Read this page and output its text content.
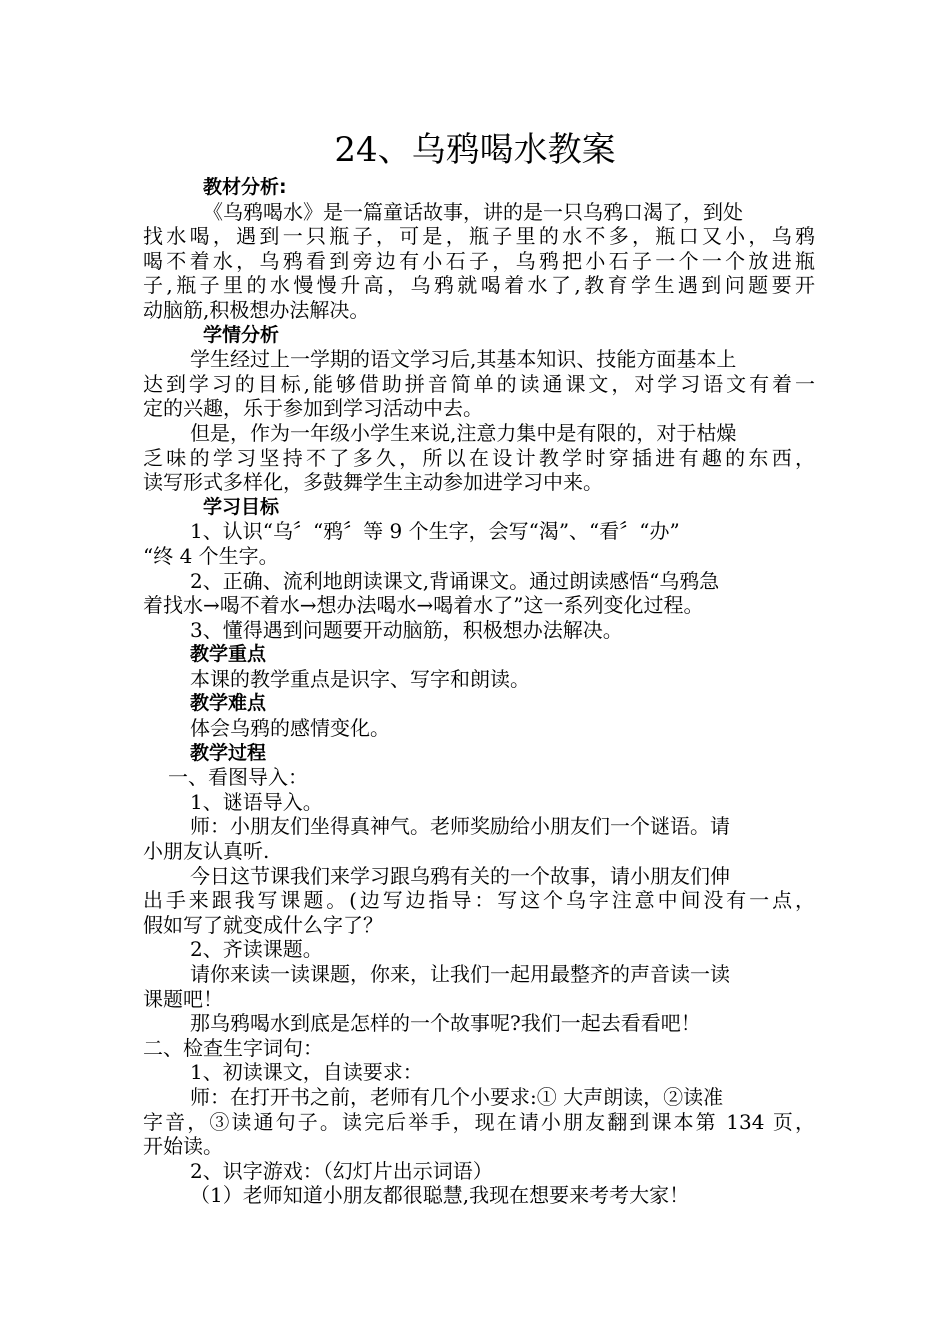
24、乌鸦喝水教案
教材分析:
《乌鸦喝水》是一篇童话故事，讲的是一只乌鸦口渴了，到处
找水喝，遇到一只瓶子，可是，瓶子里的水不多，瓶口又小，乌鸦
喝不着水，乌鸦看到旁边有小石子，乌鸦把小石子一个一个放进瓶
子,瓶子里的水慢慢升高，乌鸦就喝着水了,教育学生遇到问题要开
动脑筋,积极想办法解决。
学情分析
学生经过上一学期的语文学习后,其基本知识、技能方面基本上
达到学习的目标,能够借助拼音简单的读通课文，对学习语文有着一
定的兴趣，乐于参加到学习活动中去。
但是，作为一年级小学生来说,注意力集中是有限的，对于枯燥
乏味的学习坚持不了多久，所以在设计教学时穿插进有趣的东西，
读写形式多样化，多鼓舞学生主动参加进学习中来。
学习目标
1、认识“乌〞“鸦〞等 9 个生字，会写“渴”、“看〞“办”
“终 4 个生字。
2、正确、流利地朗读课文,背诵课文。通过朗读感悟“乌鸦急
着找水→喝不着水→想办法喝水→喝着水了”这一系列变化过程。
3、懂得遇到问题要开动脑筋，积极想办法解决。
教学重点
本课的教学重点是识字、写字和朗读。
教学难点
体会乌鸦的感情变化。
教学过程
一、看图导入：
1、谜语导入。
师：小朋友们坐得真神气。老师奖励给小朋友们一个谜语。请
小朋友认真听.
今日这节课我们来学习跟乌鸦有关的一个故事，请小朋友们伸
出手来跟我写课题。(边写边指导：写这个乌字注意中间没有一点，
假如写了就变成什么字了？
2、齐读课题。
请你来读一读课题，你来，让我们一起用最整齐的声音读一读
课题吧！
那乌鸦喝水到底是怎样的一个故事呢?我们一起去看看吧！
二、检查生字词句：
1、初读课文，自读要求：
师：在打开书之前，老师有几个小要求:① 大声朗读，②读准
字音，③读通句子。读完后举手，现在请小朋友翻到课本第 134 页，
开始读。
2、识字游戏：（幻灯片出示词语）
（1）老师知道小朋友都很聪慧,我现在想要来考考大家！
